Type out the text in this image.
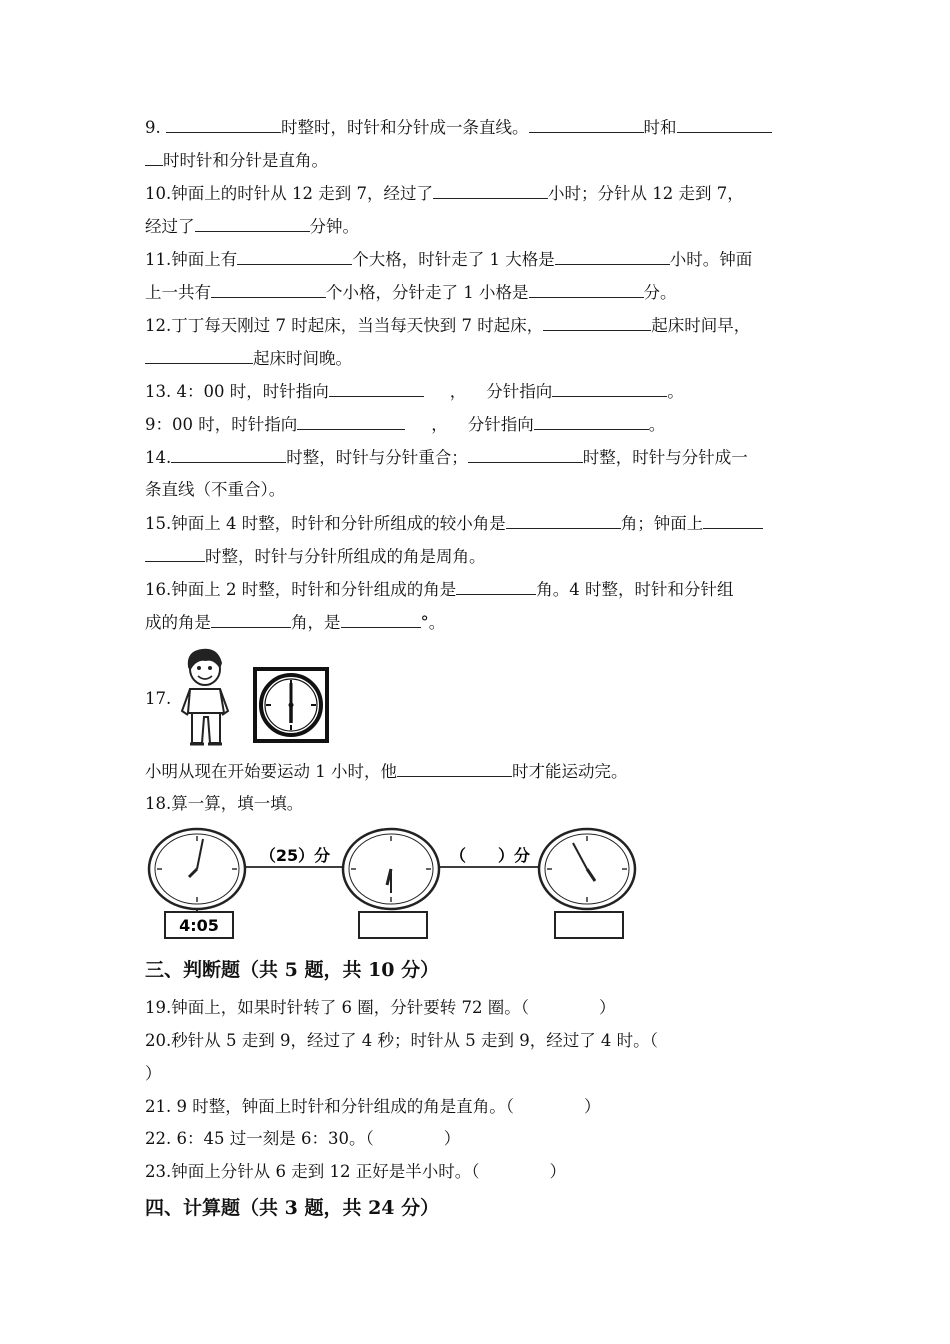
9.	时整时，时针和分针成一条直线。	时和
时时针和分针是直角。
10.钟面上的时针从 12 走到 7，经过了	小时；分针从 12 走到 7，
经过了	分钟。
11.钟面上有	个大格，时针走了 1 大格是	小时。钟面
上一共有	个小格，分针走了 1 小格是	分。
12.丁丁每天刚过 7 时起床，当当每天快到 7 时起床，	起床时间早，
起床时间晚。
13. 4：00 时，时针指向	， 分针指向	。
9：00 时，时针指向	， 分针指向	。
14.	时整，时针与分针重合；	时整，时针与分针成一
条直线（不重合）。
15.钟面上 4 时整，时针和分针所组成的较小角是	角；钟面上
时整，时针与分针所组成的角是周角。
16.钟面上 2 时整，时针和分针组成的角是	角。4 时整，时针和分针组
成的角是	角，是	°。
17.
小明从现在开始要运动 1 小时，他	时才能运动完。
18.算一算，填一填。
（25）分	（　　）分
4:05
三、判断题（共 5 题，共 10 分）
19.钟面上，如果时针转了 6 圈，分针要转 72 圈。（	）
20.秒针从 5 走到 9，经过了 4 秒；时针从 5 走到 9，经过了 4 时。（
）
21. 9 时整，钟面上时针和分针组成的角是直角。（	）
22. 6：45 过一刻是 6：30。（	）
23.钟面上分针从 6 走到 12 正好是半小时。（	）
四、计算题（共 3 题，共 24 分）
